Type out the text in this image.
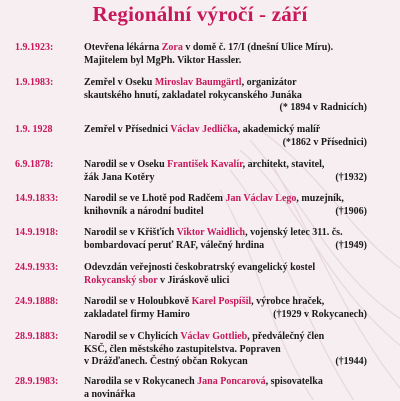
Regionální výročí - září
1.9.1923:	Otevřena lékárna Zora v domě č. 17/I (dnešní Ulice Míru).
Majitelem byl MgPh. Viktor Hassler.
1.9.1983:	Zemřel v Oseku Miroslav Baumgärtl, organizátor
skautského hnutí, zakladatel rokycanského Junáka
(* 1894 v Radnicích)
1.9. 1928	Zemřel v Přísednici Václav Jedlička, akademický malíř
(*1862 v Přísednici)
6.9.1878:	Narodil se v Oseku František Kavalír, architekt, stavitel,
žák Jana Kotěry	(†1932)
14.9.1833:	Narodil se ve Lhotě pod Radčem Jan Václav Lego, muzejník,
knihovník a národní buditel	(†1906)
14.9.1918:	Narodil se v Křišťích Viktor Waidlich, vojenský letec 311. čs.
bombardovací peruť RAF, válečný hrdina	(†1949)
24.9.1933:	Odevzdán veřejnosti českobratrský evangelický kostel
Rokycanský sbor v Jiráskově ulici
24.9.1888:	Narodil se v Holoubkově Karel Pospíšil, výrobce hraček,
zakladatel firmy Hamiro	(†1929 v Rokycanech)
28.9.1883:	Narodil se v Chylicích Václav Gottlieb, předválečný člen
KSČ, člen městského zastupitelstva. Popraven
v Drážďanech. Čestný občan Rokycan	(†1944)
28.9.1983:	Narodila se v Rokycanech Jana Poncarová, spisovatelka
a novinářka
